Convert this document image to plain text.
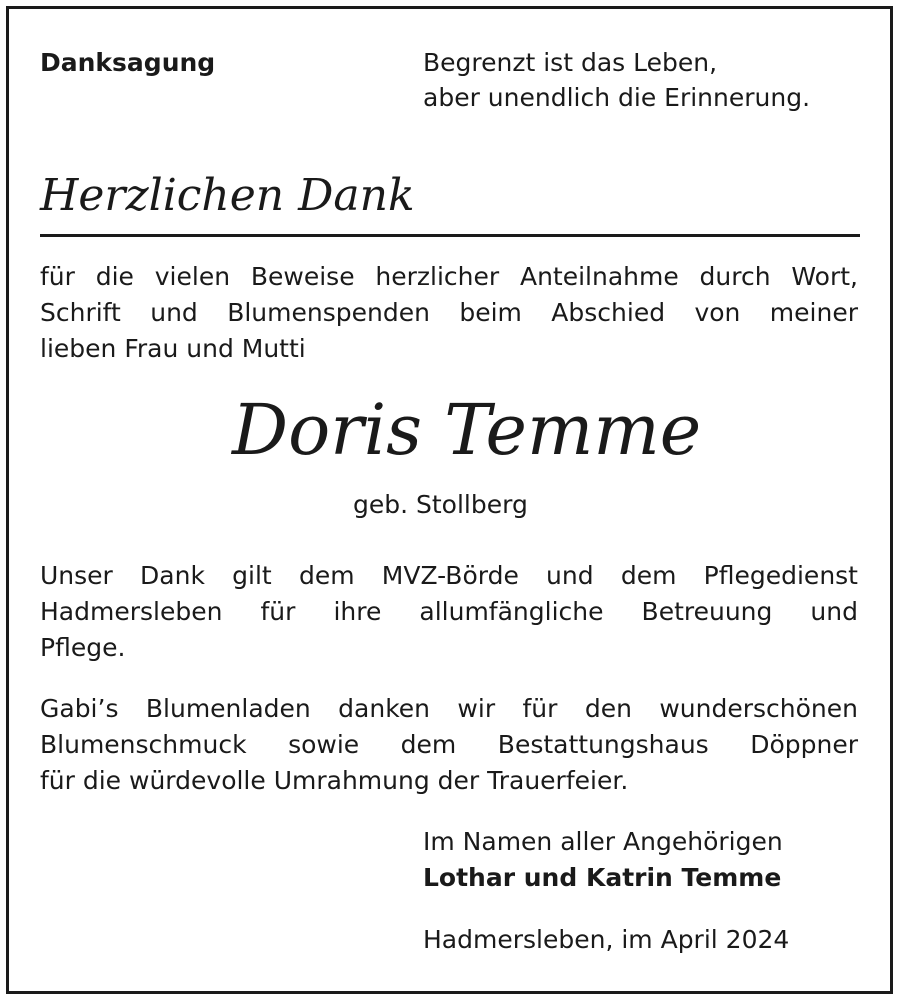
Danksagung	Begrenzt ist das Leben,
aber unendlich die Erinnerung.
Herzlichen Dank
für die vielen Beweise herzlicher Anteilnahme durch Wort,
Schrift und Blumenspenden beim Abschied von meiner
lieben Frau und Mutti
Doris Temme
geb. Stollberg
Unser Dank gilt dem MVZ-Börde und dem Pflegedienst
Hadmersleben für ihre allumfängliche Betreuung und
Pflege.
Gabi’s Blumenladen danken wir für den wunderschönen
Blumenschmuck sowie dem Bestattungshaus Döppner
für die würdevolle Umrahmung der Trauerfeier.
Im Namen aller Angehörigen
Lothar und Katrin Temme
Hadmersleben, im April 2024
